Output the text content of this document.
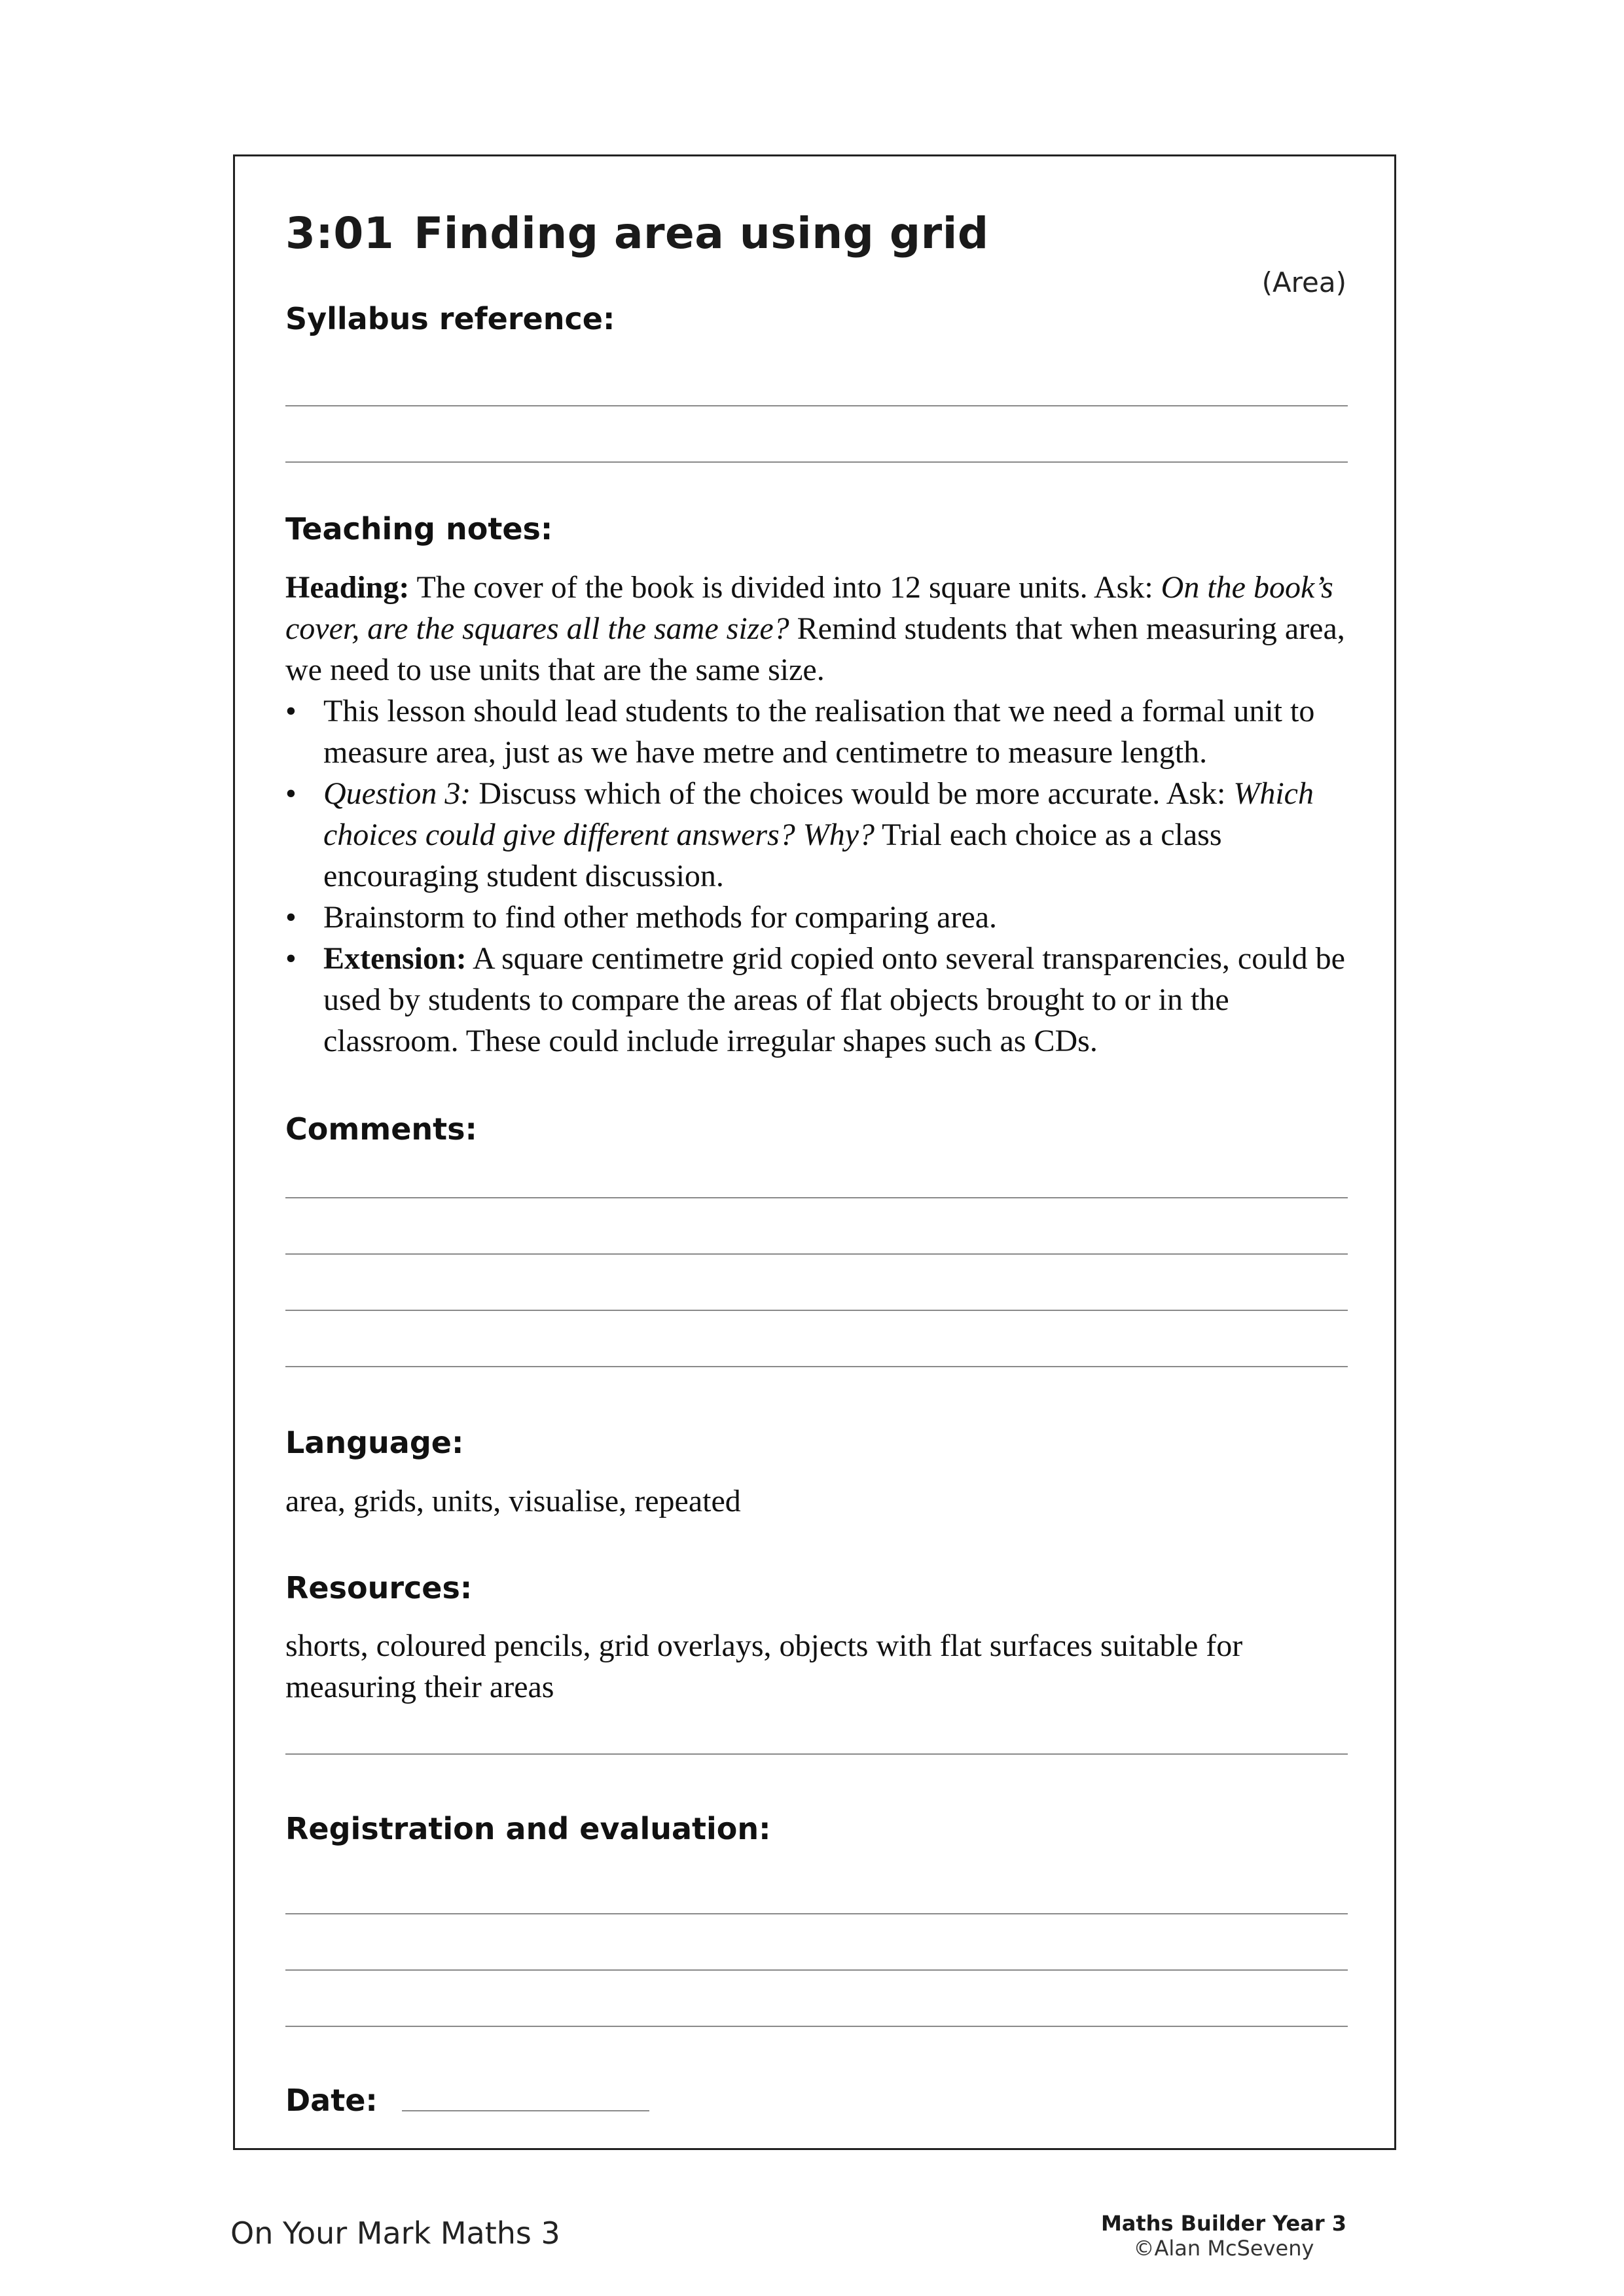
3:01 Finding area using grid
(Area)
Syllabus reference:
Teaching notes:
Heading: The cover of the book is divided into 12 square units. Ask: On the book’s cover, are the squares all the same size? Remind students that when measuring area, we need to use units that are the same size.
• This lesson should lead students to the realisation that we need a formal unit to measure area, just as we have metre and centimetre to measure length.
• Question 3: Discuss which of the choices would be more accurate. Ask: Which choices could give different answers? Why? Trial each choice as a class encouraging student discussion.
• Brainstorm to find other methods for comparing area.
• Extension: A square centimetre grid copied onto several transparencies, could be used by students to compare the areas of flat objects brought to or in the classroom. These could include irregular shapes such as CDs.
Comments:
Language:
area, grids, units, visualise, repeated
Resources:
shorts, coloured pencils, grid overlays, objects with flat surfaces suitable for measuring their areas
Registration and evaluation:
Date:
On Your Mark Maths 3	Maths Builder Year 3
©Alan McSeveny
